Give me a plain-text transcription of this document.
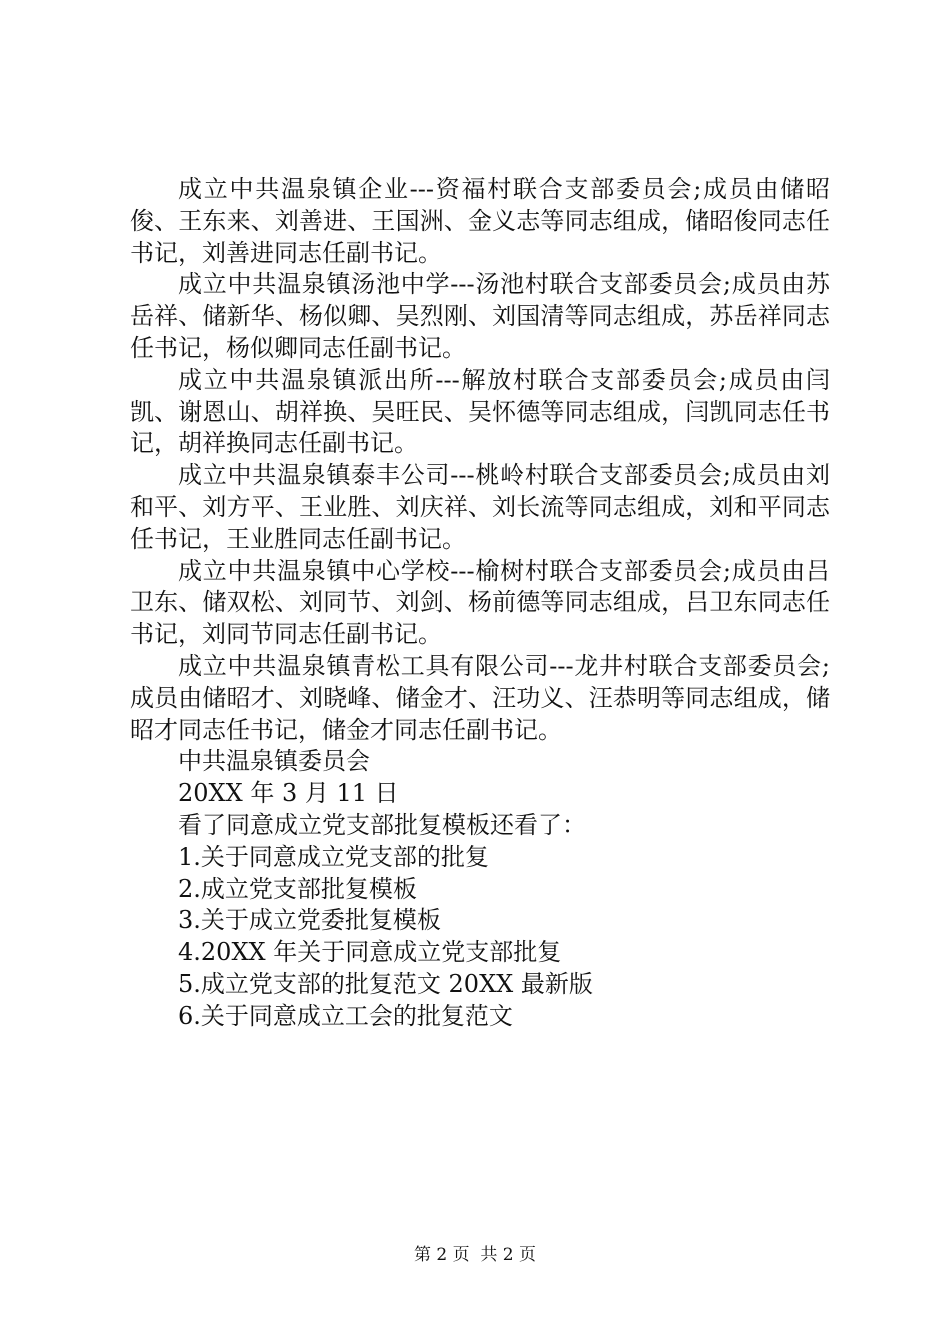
成立中共温泉镇企业---资福村联合支部委员会;成员由储昭俊、王东来、刘善进、王国洲、金义志等同志组成，储昭俊同志任书记，刘善进同志任副书记。

成立中共温泉镇汤池中学---汤池村联合支部委员会;成员由苏岳祥、储新华、杨似卿、吴烈刚、刘国清等同志组成，苏岳祥同志任书记，杨似卿同志任副书记。

成立中共温泉镇派出所---解放村联合支部委员会;成员由闫凯、谢恩山、胡祥换、吴旺民、吴怀德等同志组成，闫凯同志任书记，胡祥换同志任副书记。

成立中共温泉镇泰丰公司---桃岭村联合支部委员会;成员由刘和平、刘方平、王业胜、刘庆祥、刘长流等同志组成，刘和平同志任书记，王业胜同志任副书记。

成立中共温泉镇中心学校---榆树村联合支部委员会;成员由吕卫东、储双松、刘同节、刘剑、杨前德等同志组成，吕卫东同志任书记，刘同节同志任副书记。

成立中共温泉镇青松工具有限公司---龙井村联合支部委员会;成员由储昭才、刘晓峰、储金才、汪功义、汪恭明等同志组成，储昭才同志任书记，储金才同志任副书记。

中共温泉镇委员会

20XX 年 3 月 11 日

看了同意成立党支部批复模板还看了：

1.关于同意成立党支部的批复

2.成立党支部批复模板

3.关于成立党委批复模板

4.20XX 年关于同意成立党支部批复

5.成立党支部的批复范文 20XX 最新版

6.关于同意成立工会的批复范文

第 2 页 共 2 页
